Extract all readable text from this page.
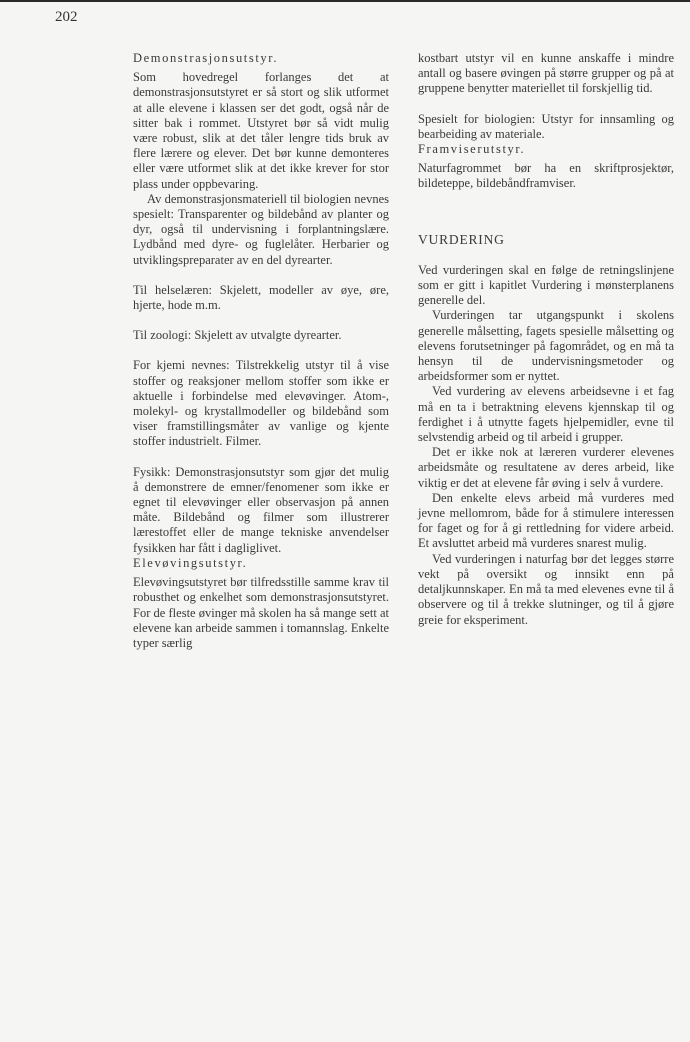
202

Demonstrasjonsutstyr.

Som hovedregel forlanges det at demonstrasjonsutstyret er så stort og slik utformet at alle elevene i klassen ser det godt, også når de sitter bak i rommet. Utstyret bør så vidt mulig være robust, slik at det tåler lengre tids bruk av flere lærere og elever. Det bør kunne demonteres eller være utformet slik at det ikke krever for stor plass under oppbevaring.

Av demonstrasjonsmateriell til biologien nevnes spesielt: Transparenter og bildebånd av planter og dyr, også til undervisning i forplantningslære. Lydbånd med dyre- og fuglelåter. Herbarier og utviklingspreparater av en del dyrearter.

Til helselæren: Skjelett, modeller av øye, øre, hjerte, hode m.m.

Til zoologi: Skjelett av utvalgte dyrearter.

For kjemi nevnes: Tilstrekkelig utstyr til å vise stoffer og reaksjoner mellom stoffer som ikke er aktuelle i forbindelse med elevøvinger. Atom-, molekyl- og krystallmodeller og bildebånd som viser framstillingsmåter av vanlige og kjente stoffer industrielt. Filmer.

Fysikk: Demonstrasjonsutstyr som gjør det mulig å demonstrere de emner/fenomener som ikke er egnet til elevøvinger eller observasjon på annen måte. Bildebånd og filmer som illustrerer lærestoffet eller de mange tekniske anvendelser fysikken har fått i dagliglivet.

Elevøvingsutstyr.

Elevøvingsutstyret bør tilfredsstille samme krav til robusthet og enkelhet som demonstrasjonsutstyret. For de fleste øvinger må skolen ha så mange sett at elevene kan arbeide sammen i tomannslag. Enkelte typer særlig

kostbart utstyr vil en kunne anskaffe i mindre antall og basere øvingen på større grupper og på at gruppene benytter materiellet til forskjellig tid.

Spesielt for biologien: Utstyr for innsamling og bearbeiding av materiale.

Framviserutstyr.

Naturfagrommet bør ha en skriftprosjektør, bildeteppe, bildebåndframviser.

VURDERING

Ved vurderingen skal en følge de retningslinjene som er gitt i kapitlet Vurdering i mønsterplanens generelle del.

Vurderingen tar utgangspunkt i skolens generelle målsetting, fagets spesielle målsetting og elevens forutsetninger på fagområdet, og en må ta hensyn til de undervisningsmetoder og arbeidsformer som er nyttet.

Ved vurdering av elevens arbeidsevne i et fag må en ta i betraktning elevens kjennskap til og ferdighet i å utnytte fagets hjelpemidler, evne til selvstendig arbeid og til arbeid i grupper.

Det er ikke nok at læreren vurderer elevenes arbeidsmåte og resultatene av deres arbeid, like viktig er det at elevene får øving i selv å vurdere.

Den enkelte elevs arbeid må vurderes med jevne mellomrom, både for å stimulere interessen for faget og for å gi rettledning for videre arbeid. Et avsluttet arbeid må vurderes snarest mulig.

Ved vurderingen i naturfag bør det legges større vekt på oversikt og innsikt enn på detaljkunnskaper. En må ta med elevenes evne til å observere og til å trekke slutninger, og til å gjøre greie for eksperiment.
